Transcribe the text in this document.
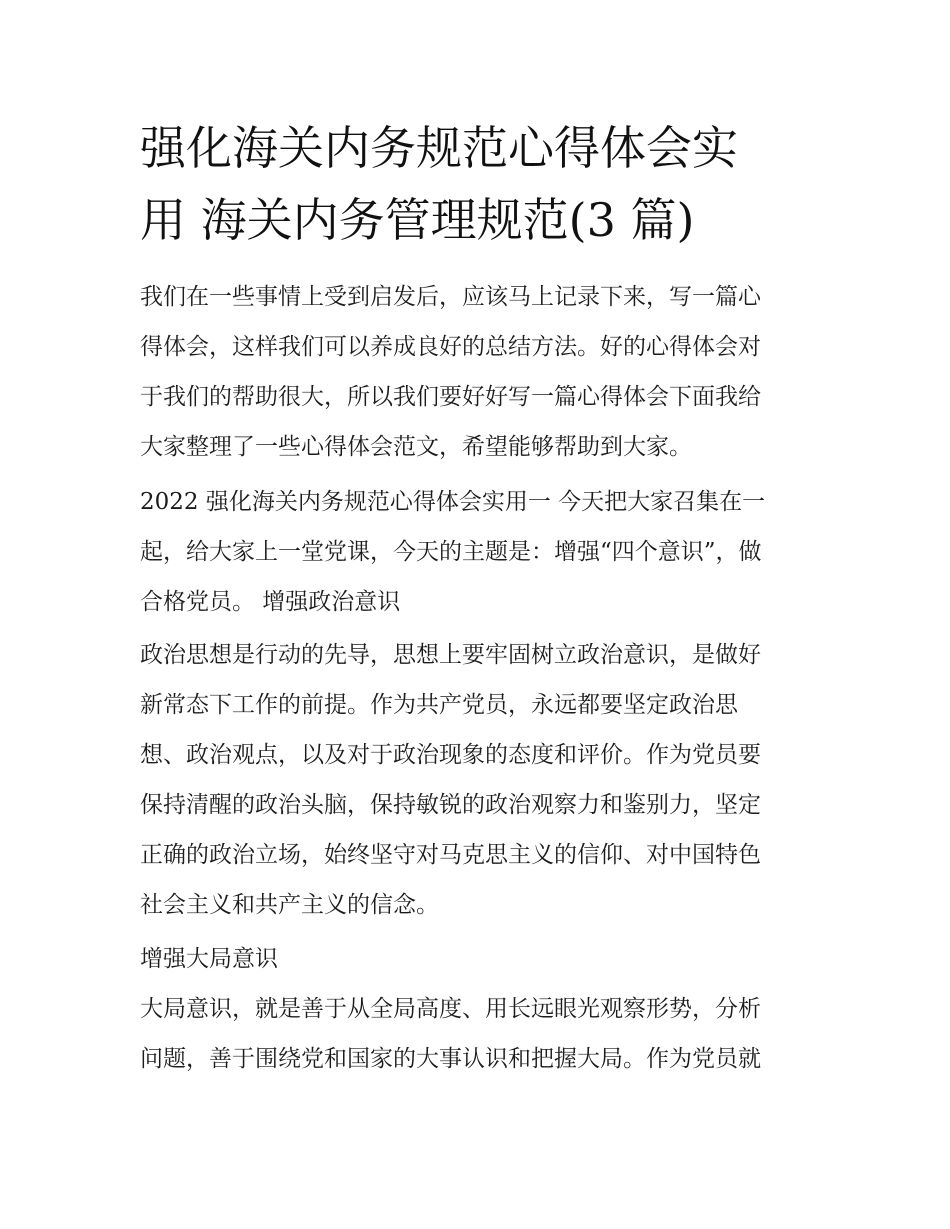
强化海关内务规范心得体会实
用 海关内务管理规范(3 篇)

我们在一些事情上受到启发后，应该马上记录下来，写一篇心
得体会，这样我们可以养成良好的总结方法。好的心得体会对
于我们的帮助很大，所以我们要好好写一篇心得体会下面我给
大家整理了一些心得体会范文，希望能够帮助到大家。

2022 强化海关内务规范心得体会实用一 今天把大家召集在一
起，给大家上一堂党课，今天的主题是：增强“四个意识”，做
合格党员。 增强政治意识

政治思想是行动的先导，思想上要牢固树立政治意识，是做好
新常态下工作的前提。作为共产党员，永远都要坚定政治思
想、政治观点，以及对于政治现象的态度和评价。作为党员要
保持清醒的政治头脑，保持敏锐的政治观察力和鉴别力，坚定
正确的政治立场，始终坚守对马克思主义的信仰、对中国特色
社会主义和共产主义的信念。

增强大局意识

大局意识，就是善于从全局高度、用长远眼光观察形势，分析
问题，善于围绕党和国家的大事认识和把握大局。作为党员就
